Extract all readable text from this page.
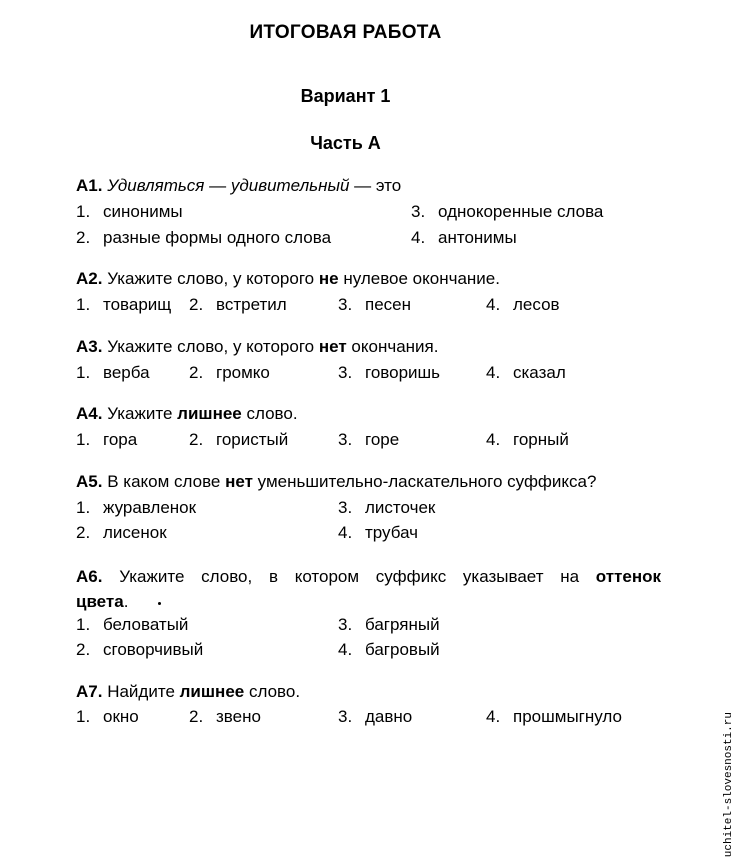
ИТОГОВАЯ РАБОТА
Вариант 1
Часть А
А1. Удивляться — удивительный — это
1. синонимы
2. разные формы одного слова
3. однокоренные слова
4. антонимы
А2. Укажите слово, у которого не нулевое окончание.
1. товарищ 2. встретил	3. песен	4. лесов
А3. Укажите слово, у которого нет окончания.
1. верба 2. громко	3. говоришь	4. сказал
А4. Укажите лишнее слово.
1. гора	2. гористый	3. горе	4. горный
А5. В каком слове нет уменьшительно-ласкательного суффикса?
1. журавленок
2. лисенок
3. листочек
4. трубач
А6. Укажите слово, в котором суффикс указывает на оттенок
цвета.
1. беловатый
2. сговорчивый
3. багряный
4. багровый
А7. Найдите лишнее слово.
1. окно	2. звено	3. давно	4. прошмыгнуло	uchitel-slovesnosti.ru
